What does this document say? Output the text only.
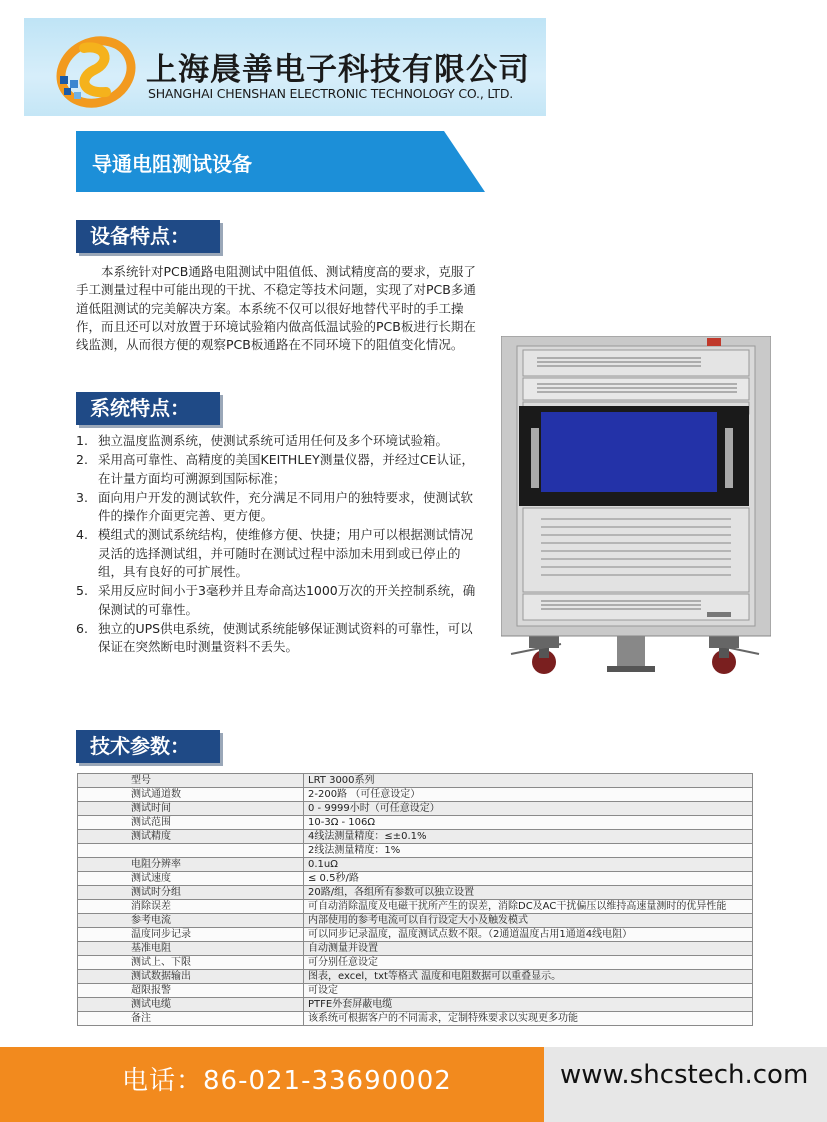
上海晨善电子科技有限公司
SHANGHAI CHENSHAN ELECTRONIC TECHNOLOGY CO., LTD.
导通电阻测试设备
设备特点：
本系统针对PCB通路电阻测试中阻值低、测试精度高的要求，克服了手工测量过程中可能出现的干扰、不稳定等技术问题，实现了对PCB多通道低阻测试的完美解决方案。本系统不仅可以很好地替代平时的手工操作，而且还可以对放置于环境试验箱内做高低温试验的PCB板进行长期在线监测，从而很方便的观察PCB板通路在不同环境下的阻值变化情况。
系统特点：
1. 独立温度监测系统，使测试系统可适用任何及多个环境试验箱。
2. 采用高可靠性、高精度的美国KEITHLEY测量仪器，并经过CE认证，在计量方面均可溯源到国际标准；
3. 面向用户开发的测试软件，充分满足不同用户的独特要求，使测试软件的操作介面更完善、更方便。
4. 模组式的测试系统结构，使维修方便、快捷；用户可以根据测试情况灵活的选择测试组，并可随时在测试过程中添加未用到或已停止的组，具有良好的可扩展性。
5. 采用反应时间小于3毫秒并且寿命高达1000万次的开关控制系统，确保测试的可靠性。
6. 独立的UPS供电系统，使测试系统能够保证测试资料的可靠性，可以保证在突然断电时测量资料不丢失。
技术参数：
型号	LRT 3000系列
测试通道数	2-200路 （可任意设定）
测试时间	0 - 9999小时（可任意设定）
测试范围	10-3Ω - 106Ω
测试精度	4线法测量精度：≤±0.1%
	2线法测量精度：1%
电阻分辨率	0.1uΩ
测试速度	≤ 0.5秒/路
测试时分组	20路/组，各组所有参数可以独立设置
消除误差	可自动消除温度及电磁干扰所产生的误差，消除DC及AC干扰偏压以维持高速量测时的优异性能
参考电流	内部使用的参考电流可以自行设定大小及触发模式
温度同步记录	可以同步记录温度，温度测试点数不限。（2通道温度占用1通道4线电阻）
基准电阻	自动测量并设置
测试上、下限	可分别任意设定
测试数据输出	图表，excel，txt等格式 温度和电阻数据可以重叠显示。
超限报警	可设定
测试电缆	PTFE外套屏蔽电缆
备注	该系统可根据客户的不同需求，定制特殊要求以实现更多功能
电话：86-021-33690002	www.shcstech.com
